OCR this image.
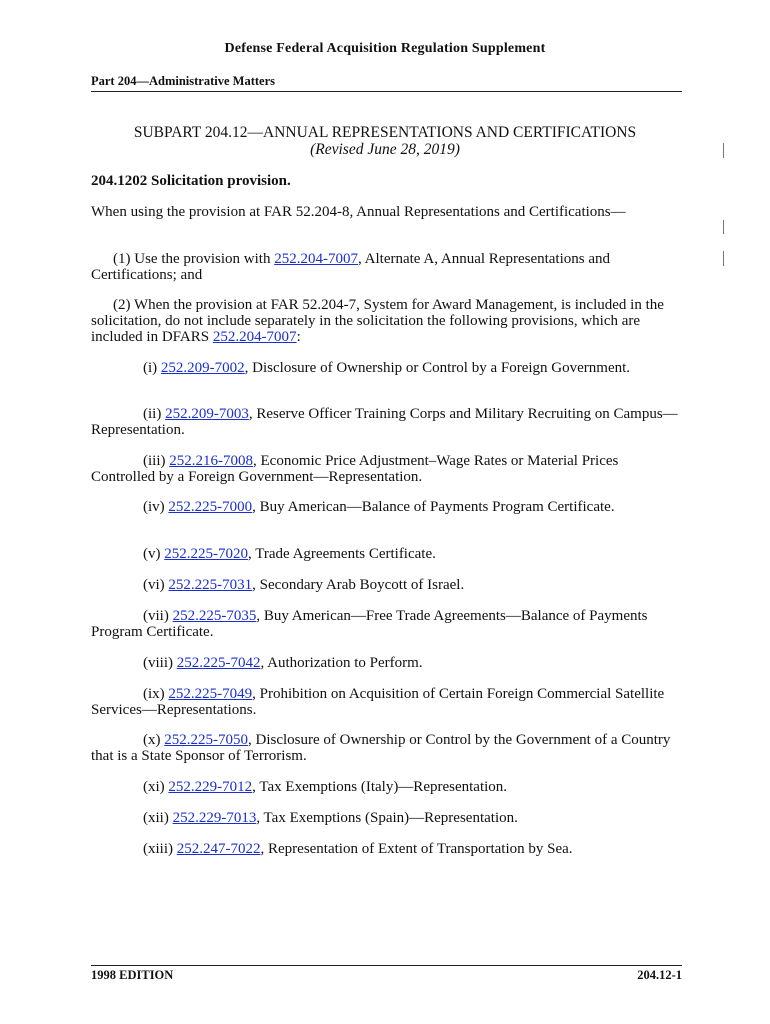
Defense Federal Acquisition Regulation Supplement
Part 204—Administrative Matters
SUBPART 204.12—ANNUAL REPRESENTATIONS AND CERTIFICATIONS
(Revised June 28, 2019)
204.1202 Solicitation provision.
When using the provision at FAR 52.204-8, Annual Representations and Certifications—
(1) Use the provision with 252.204-7007, Alternate A, Annual Representations and Certifications; and
(2) When the provision at FAR 52.204-7, System for Award Management, is included in the solicitation, do not include separately in the solicitation the following provisions, which are included in DFARS 252.204-7007:
(i) 252.209-7002, Disclosure of Ownership or Control by a Foreign Government.
(ii) 252.209-7003, Reserve Officer Training Corps and Military Recruiting on Campus—Representation.
(iii) 252.216-7008, Economic Price Adjustment–Wage Rates or Material Prices Controlled by a Foreign Government—Representation.
(iv) 252.225-7000, Buy American—Balance of Payments Program Certificate.
(v) 252.225-7020, Trade Agreements Certificate.
(vi) 252.225-7031, Secondary Arab Boycott of Israel.
(vii) 252.225-7035, Buy American—Free Trade Agreements—Balance of Payments Program Certificate.
(viii) 252.225-7042, Authorization to Perform.
(ix) 252.225-7049, Prohibition on Acquisition of Certain Foreign Commercial Satellite Services—Representations.
(x) 252.225-7050, Disclosure of Ownership or Control by the Government of a Country that is a State Sponsor of Terrorism.
(xi) 252.229-7012, Tax Exemptions (Italy)—Representation.
(xii) 252.229-7013, Tax Exemptions (Spain)—Representation.
(xiii) 252.247-7022, Representation of Extent of Transportation by Sea.
1998 EDITION	204.12-1
